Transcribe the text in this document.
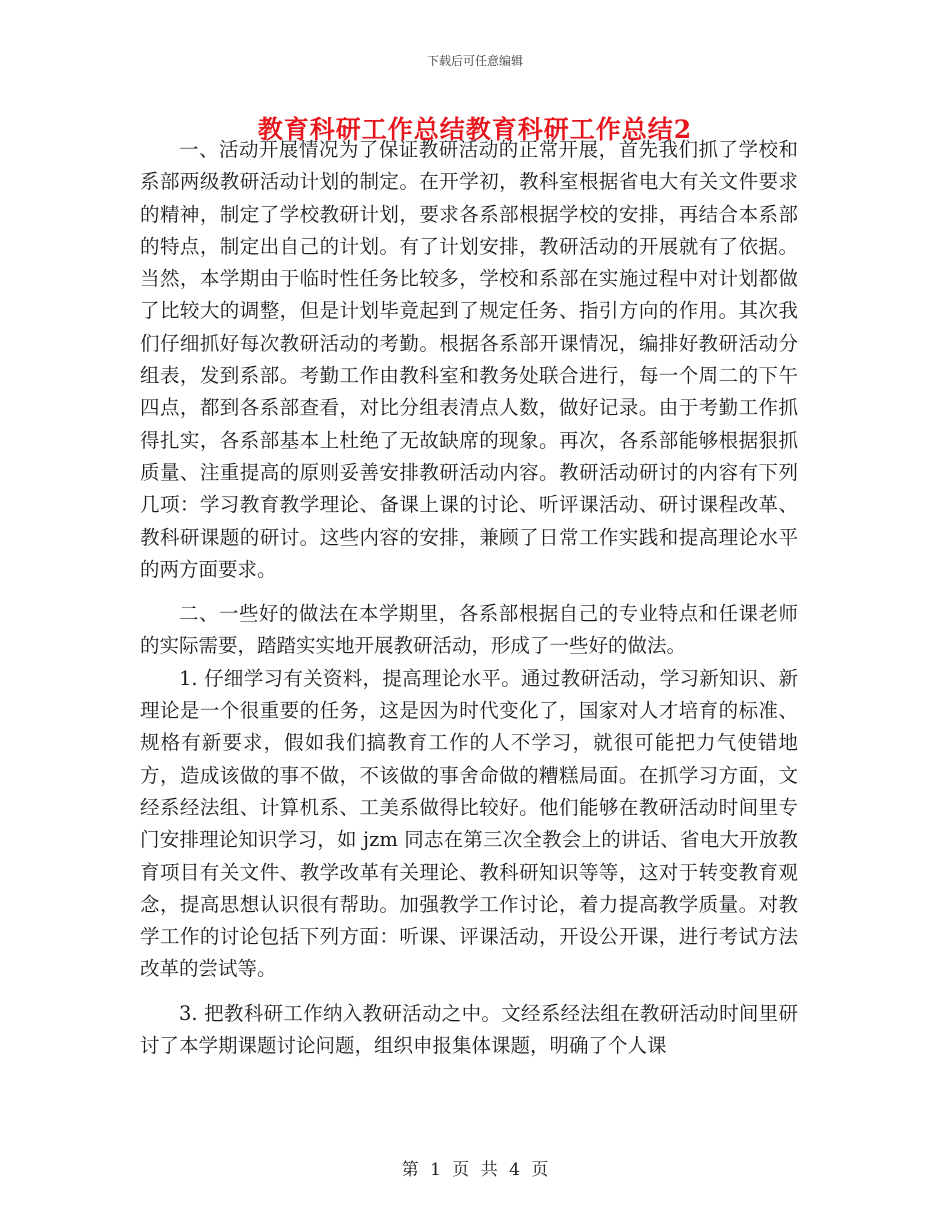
下载后可任意编辑
教育科研工作总结教育科研工作总结2

一、活动开展情况为了保证教研活动的正常开展，首先我们抓了学校和系部两级教研活动计划的制定。在开学初，教科室根据省电大有关文件要求的精神，制定了学校教研计划，要求各系部根据学校的安排，再结合本系部的特点，制定出自己的计划。有了计划安排，教研活动的开展就有了依据。当然，本学期由于临时性任务比较多，学校和系部在实施过程中对计划都做了比较大的调整，但是计划毕竟起到了规定任务、指引方向的作用。其次我们仔细抓好每次教研活动的考勤。根据各系部开课情况，编排好教研活动分组表，发到系部。考勤工作由教科室和教务处联合进行，每一个周二的下午四点，都到各系部查看，对比分组表清点人数，做好记录。由于考勤工作抓得扎实，各系部基本上杜绝了无故缺席的现象。再次，各系部能够根据狠抓质量、注重提高的原则妥善安排教研活动内容。教研活动研讨的内容有下列几项：学习教育教学理论、备课上课的讨论、听评课活动、研讨课程改革、教科研课题的研讨。这些内容的安排，兼顾了日常工作实践和提高理论水平的两方面要求。

二、一些好的做法在本学期里，各系部根据自己的专业特点和任课老师的实际需要，踏踏实实地开展教研活动，形成了一些好的做法。

1. 仔细学习有关资料，提高理论水平。通过教研活动，学习新知识、新理论是一个很重要的任务，这是因为时代变化了，国家对人才培育的标准、规格有新要求，假如我们搞教育工作的人不学习，就很可能把力气使错地方，造成该做的事不做，不该做的事舍命做的糟糕局面。在抓学习方面，文经系经法组、计算机系、工美系做得比较好。他们能够在教研活动时间里专门安排理论知识学习，如 jzm 同志在第三次全教会上的讲话、省电大开放教育项目有关文件、教学改革有关理论、教科研知识等等，这对于转变教育观念，提高思想认识很有帮助。加强教学工作讨论，着力提高教学质量。对教学工作的讨论包括下列方面：听课、评课活动，开设公开课，进行考试方法改革的尝试等。

3. 把教科研工作纳入教研活动之中。文经系经法组在教研活动时间里研讨了本学期课题讨论问题，组织申报集体课题，明确了个人课

第 1 页 共 4 页
